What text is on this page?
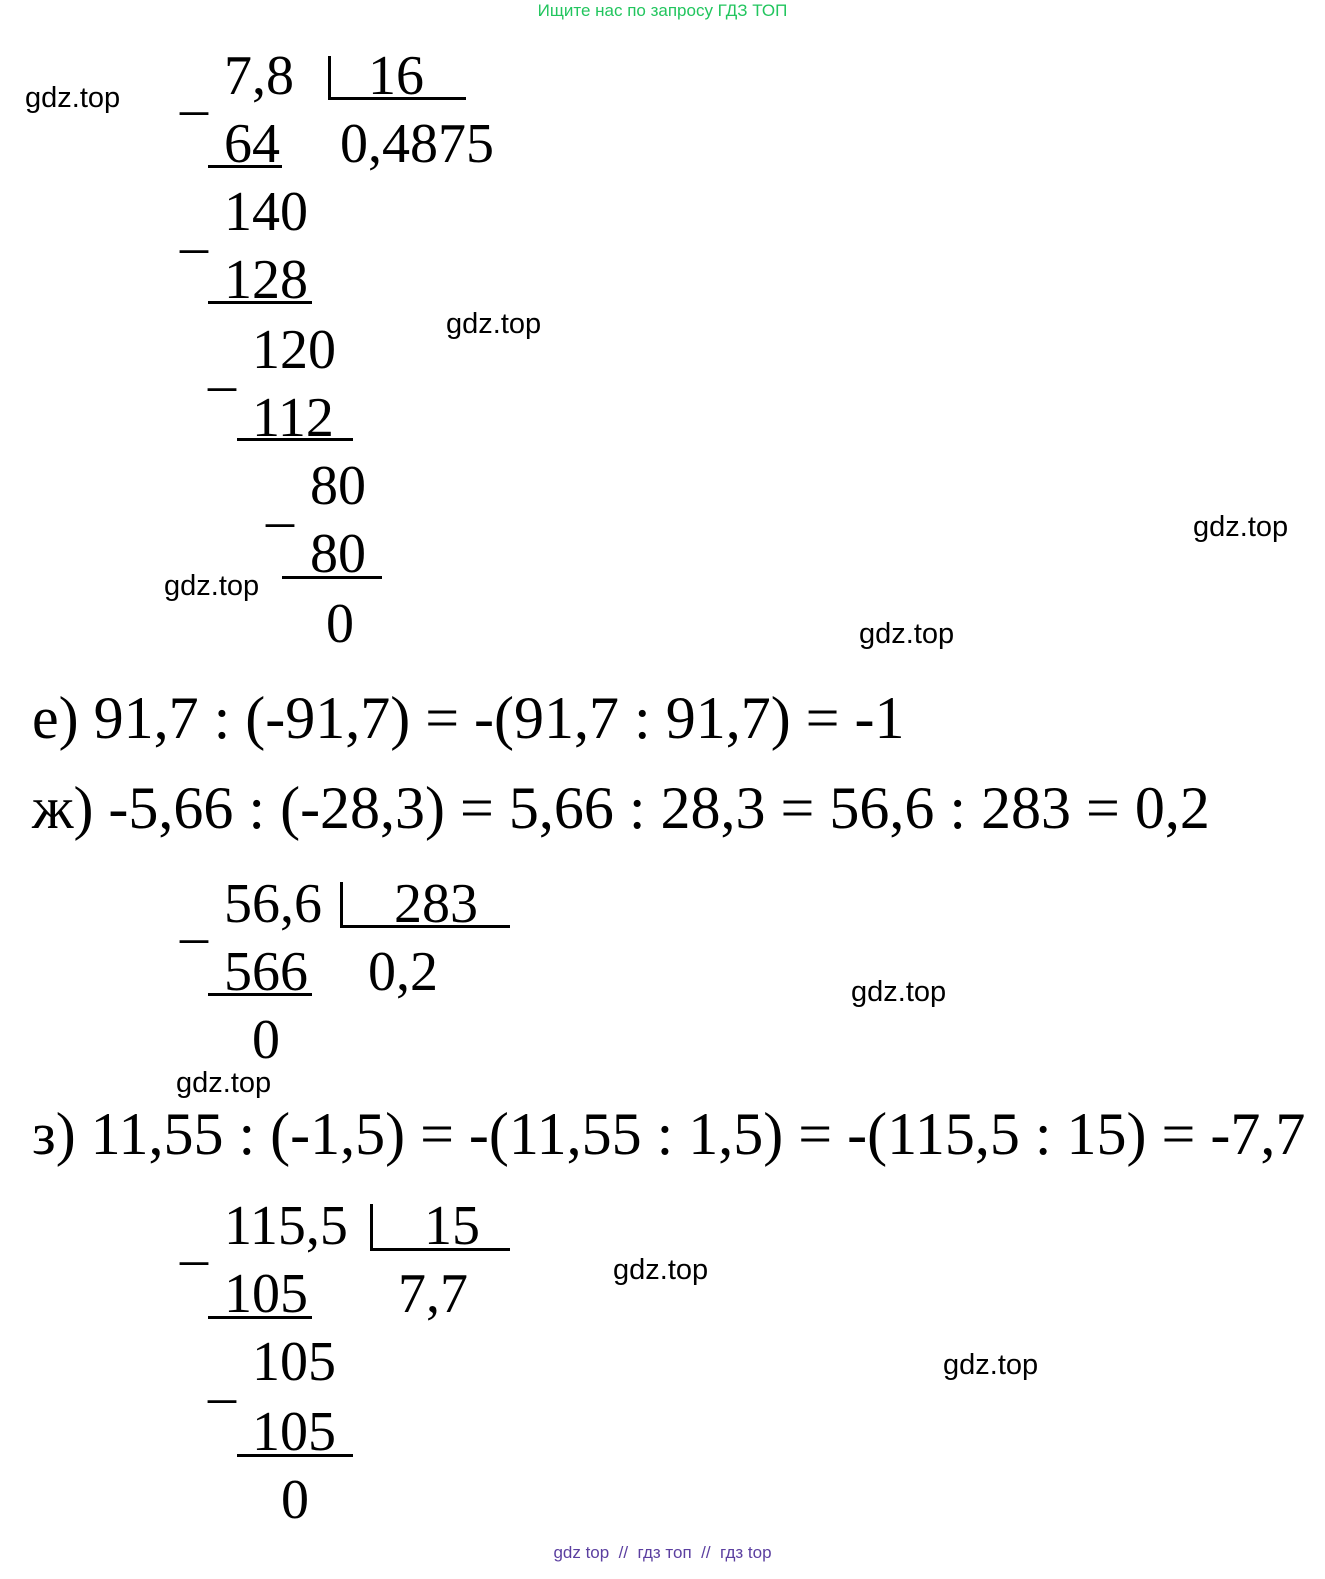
Ищите нас по запросу ГДЗ ТОП
gdz.top
gdz.top
gdz.top
gdz.top
gdz.top
gdz.top
gdz.top
gdz.top
gdz.top
_ 7,8 16
0,4875
64
_ 140
128
_ 120
112
_ 80
80
0
е) 91,7 : (-91,7) = -(91,7 : 91,7) = -1
ж) -5,66 : (-28,3) = 5,66 : 28,3 = 56,6 : 283 = 0,2
_ 56,6 283
0,2
566
0
з) 11,55 : (-1,5) = -(11,55 : 1,5) = -(115,5 : 15) = -7,7
_ 115,5 15
7,7
105
_ 105
105
0
gdz top  //  гдз топ  //  гдз top
